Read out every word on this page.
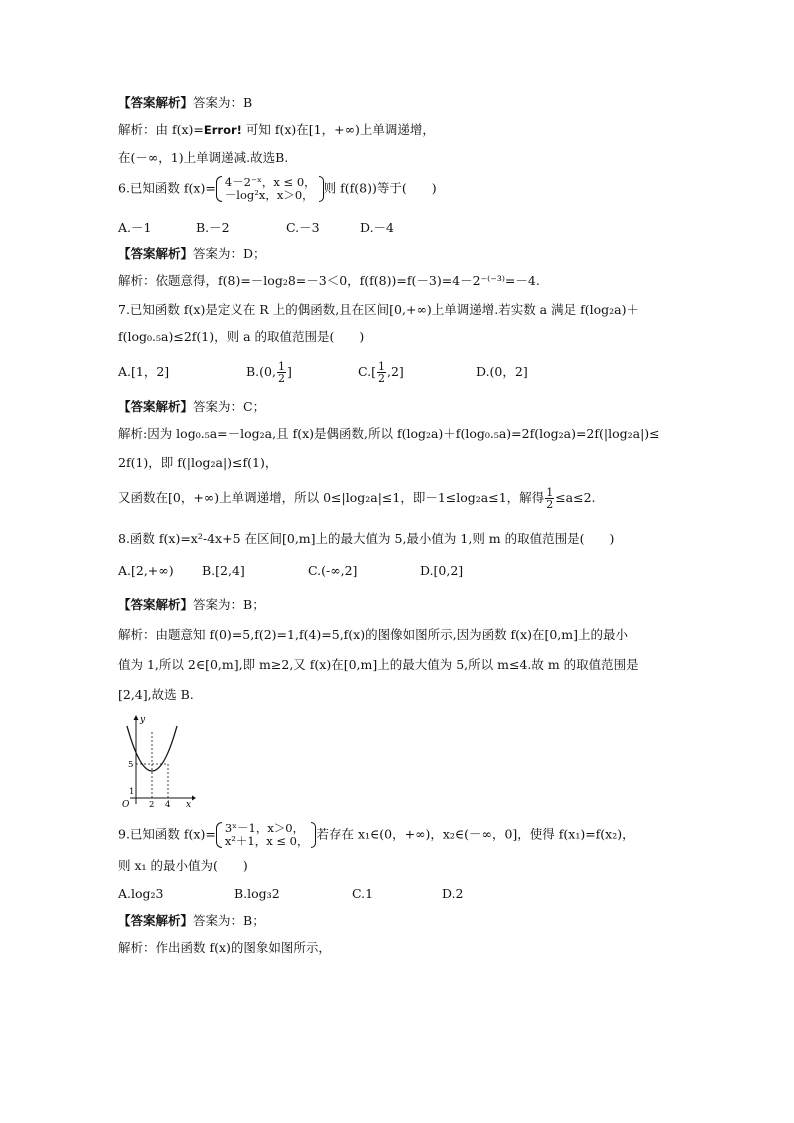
【答案解析】答案为：B
解析：由 f(x)=Error! 可知 f(x)在[1，+∞)上单调递增，
在(－∞，1)上单调递减.故选B.
6.已知函数 f(x)= 4－2⁻ˣ，x ≤ 0，
－log²x，x＞0， 则 f(f(8))等于(　　)
A.－1	B.－2	C.－3	D.－4
【答案解析】答案为：D；
解析：依题意得，f(8)=－log₂8=－3＜0，f(f(8))=f(－3)=4－2⁻⁽⁻³⁾=－4.
7.已知函数 f(x)是定义在 R 上的偶函数,且在区间[0,+∞)上单调递增.若实数 a 满足 f(log₂a)＋
f(log₀.₅a)≤2f(1)，则 a 的取值范围是(　　)
A.[1，2]	B.(0, $\frac{1}{2}$ ]	$C.[ \frac{1}{2} ,2]$	D.(0，2]
【答案解析】答案为：C；
解析:因为 log₀.₅a=－log₂a,且 f(x)是偶函数,所以 f(log₂a)＋f(log₀.₅a)=2f(log₂a)=2f(|log₂a|)≤
2f(1)，即 f(|log₂a|)≤f(1)，
又函数在[0，+∞)上单调递增，所以 0≤|log₂a|≤1，即－1≤log₂a≤1，解得 $\frac{1}{2} \le a\le 2$.
8.函数 f(x)=x²-4x+5 在区间[0,m]上的最大值为 5,最小值为 1,则 m 的取值范围是(　　)
A.[2,+∞) B.[2,4]	C.(-∞,2]	D.[0,2]
【答案解析】答案为：B；
解析：由题意知 f(0)=5,f(2)=1,f(4)=5,f(x)的图像如图所示,因为函数 f(x)在[0,m]上的最小
值为 1,所以 2∈[0,m],即 m≥2,又 f(x)在[0,m]上的最大值为 5,所以 m≤4.故 m 的取值范围是
[2,4],故选 B.
y
x
O
5
1
2 4
9.已知函数 f(x)= 3ˣ－1，x＞0，
x²＋1，x ≤ 0， 若存在 x₁∈(0，+∞)，x₂∈(－∞，0]，使得 f(x₁)=f(x₂)，
则 x₁ 的最小值为(　　)
A.log₂3	B.log₃2	C.1	D.2
【答案解析】答案为：B；
解析：作出函数 f(x)的图象如图所示，
